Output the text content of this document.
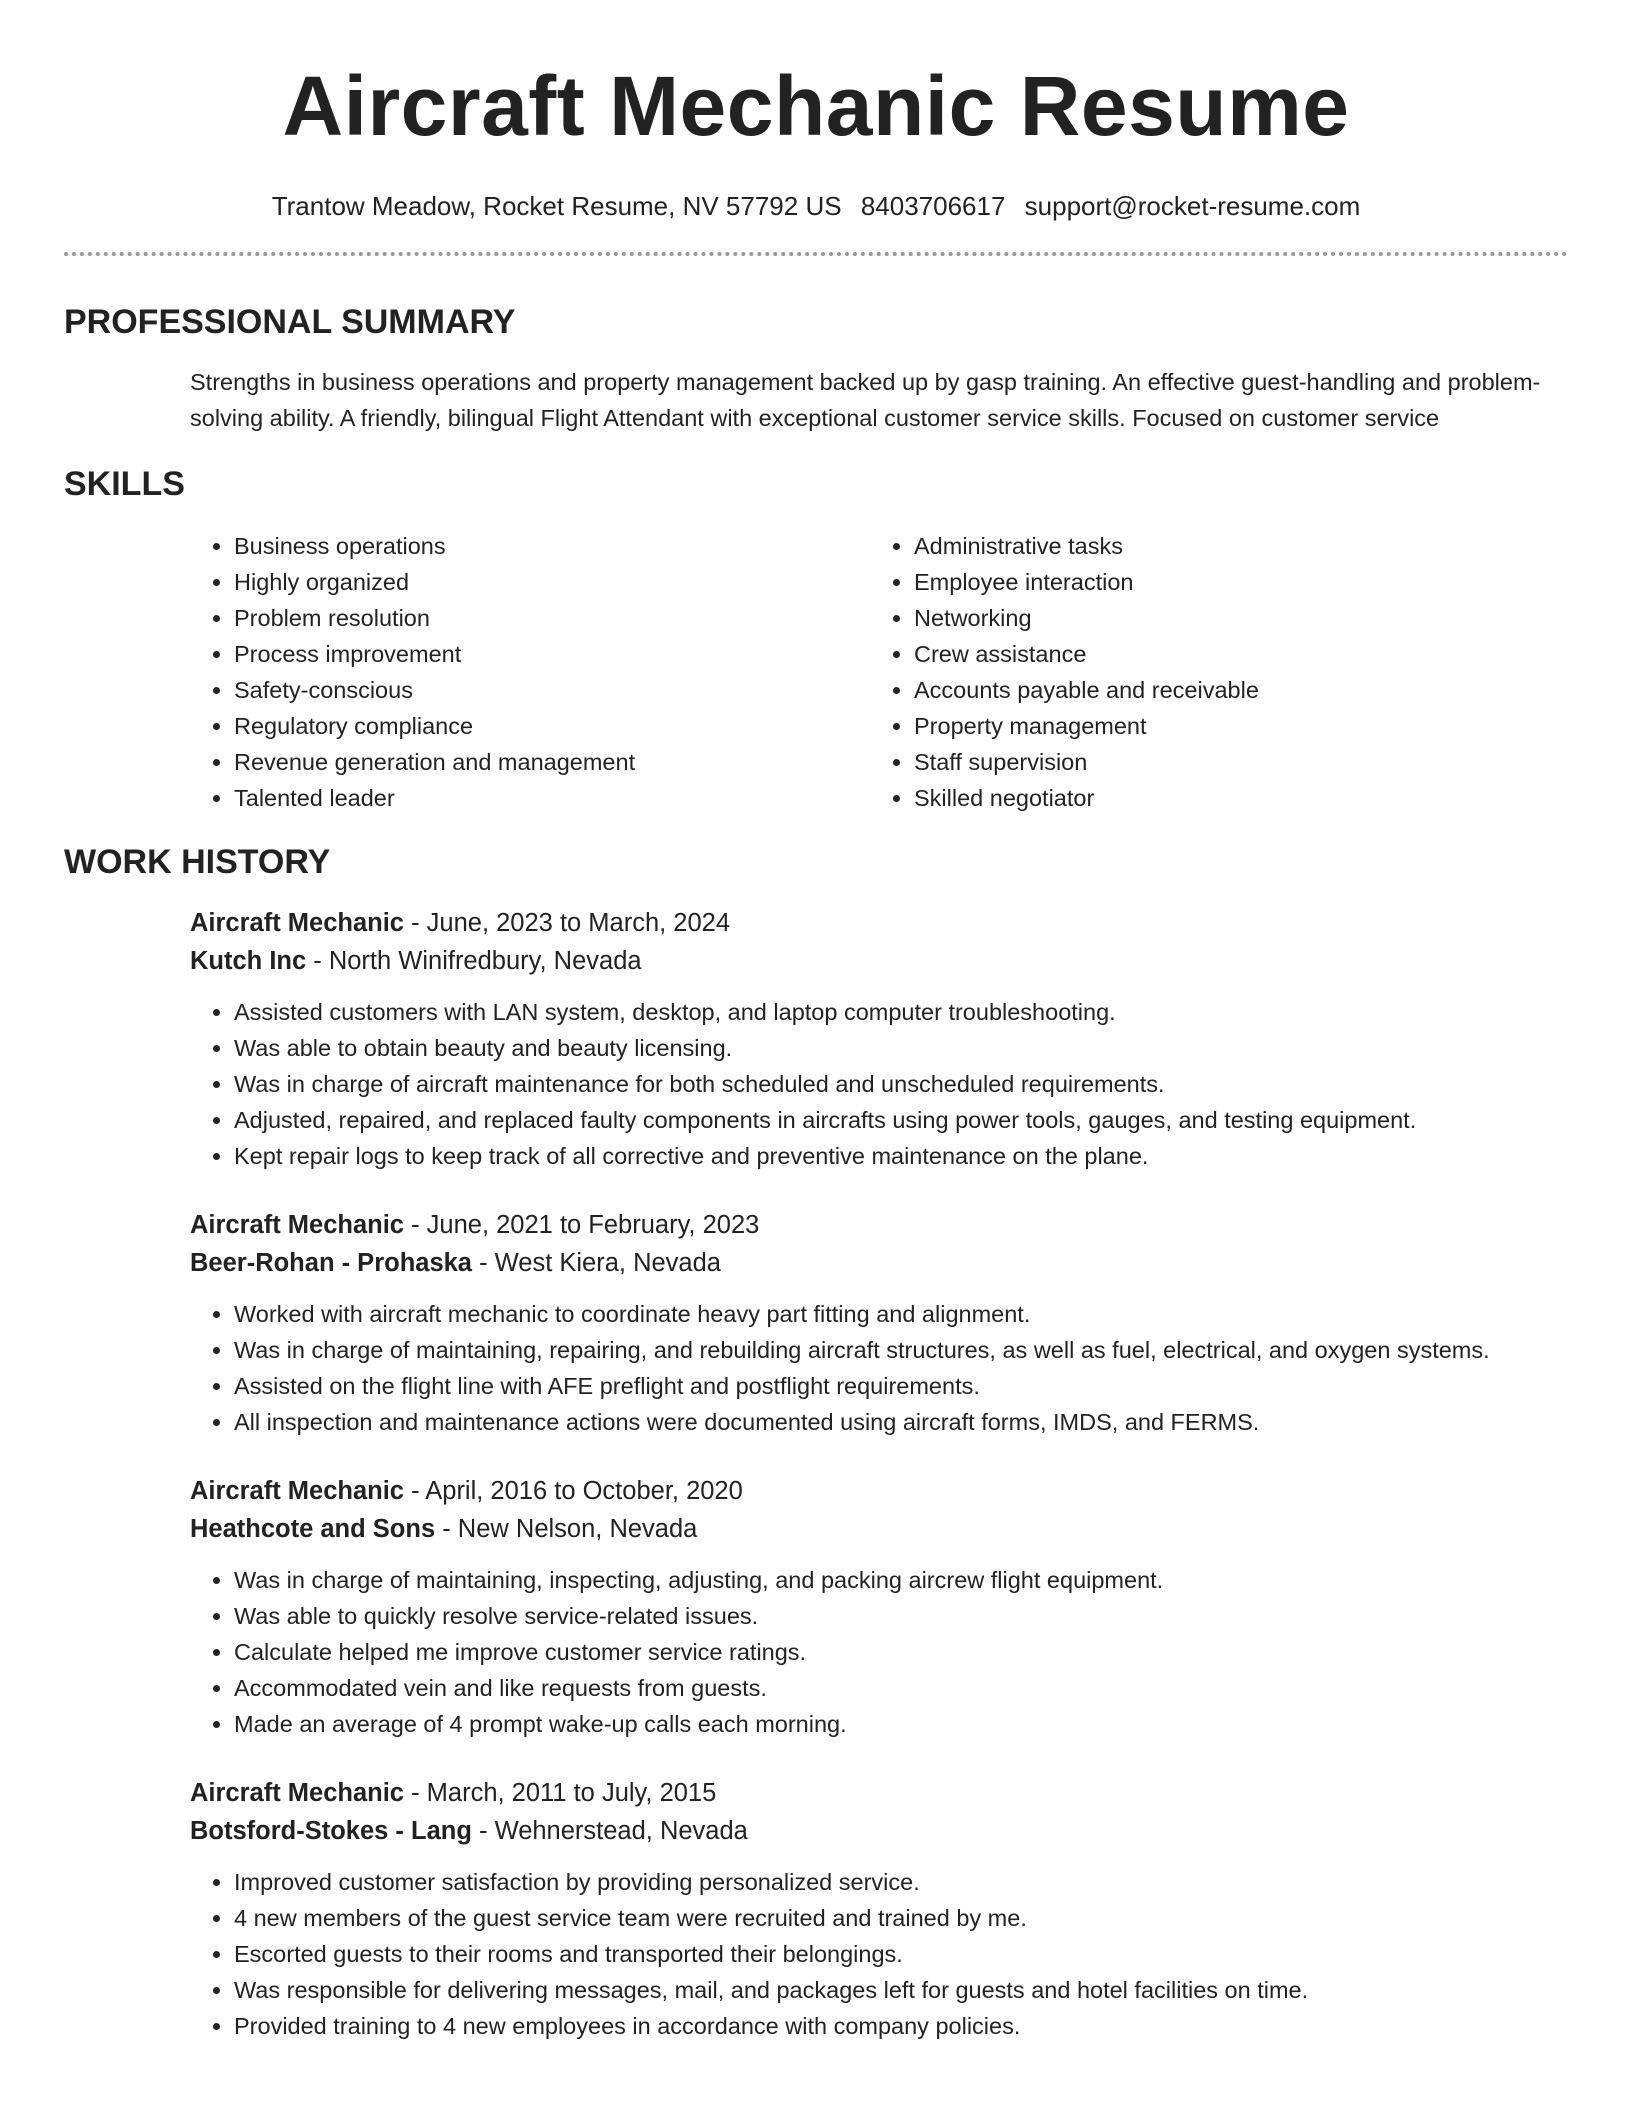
Aircraft Mechanic Resume
Trantow Meadow, Rocket Resume, NV 57792 US 8403706617 support@rocket-resume.com
PROFESSIONAL SUMMARY
Strengths in business operations and property management backed up by gasp training. An effective guest-handling and problem-solving ability. A friendly, bilingual Flight Attendant with exceptional customer service skills. Focused on customer service
SKILLS
• Business operations
• Highly organized
• Problem resolution
• Process improvement
• Safety-conscious
• Regulatory compliance
• Revenue generation and management
• Talented leader
• Administrative tasks
• Employee interaction
• Networking
• Crew assistance
• Accounts payable and receivable
• Property management
• Staff supervision
• Skilled negotiator
WORK HISTORY
Aircraft Mechanic - June, 2023 to March, 2024
Kutch Inc - North Winifredbury, Nevada
• Assisted customers with LAN system, desktop, and laptop computer troubleshooting.
• Was able to obtain beauty and beauty licensing.
• Was in charge of aircraft maintenance for both scheduled and unscheduled requirements.
• Adjusted, repaired, and replaced faulty components in aircrafts using power tools, gauges, and testing equipment.
• Kept repair logs to keep track of all corrective and preventive maintenance on the plane.
Aircraft Mechanic - June, 2021 to February, 2023
Beer-Rohan - Prohaska - West Kiera, Nevada
• Worked with aircraft mechanic to coordinate heavy part fitting and alignment.
• Was in charge of maintaining, repairing, and rebuilding aircraft structures, as well as fuel, electrical, and oxygen systems.
• Assisted on the flight line with AFE preflight and postflight requirements.
• All inspection and maintenance actions were documented using aircraft forms, IMDS, and FERMS.
Aircraft Mechanic - April, 2016 to October, 2020
Heathcote and Sons - New Nelson, Nevada
• Was in charge of maintaining, inspecting, adjusting, and packing aircrew flight equipment.
• Was able to quickly resolve service-related issues.
• Calculate helped me improve customer service ratings.
• Accommodated vein and like requests from guests.
• Made an average of 4 prompt wake-up calls each morning.
Aircraft Mechanic - March, 2011 to July, 2015
Botsford-Stokes - Lang - Wehnerstead, Nevada
• Improved customer satisfaction by providing personalized service.
• 4 new members of the guest service team were recruited and trained by me.
• Escorted guests to their rooms and transported their belongings.
• Was responsible for delivering messages, mail, and packages left for guests and hotel facilities on time.
• Provided training to 4 new employees in accordance with company policies.
